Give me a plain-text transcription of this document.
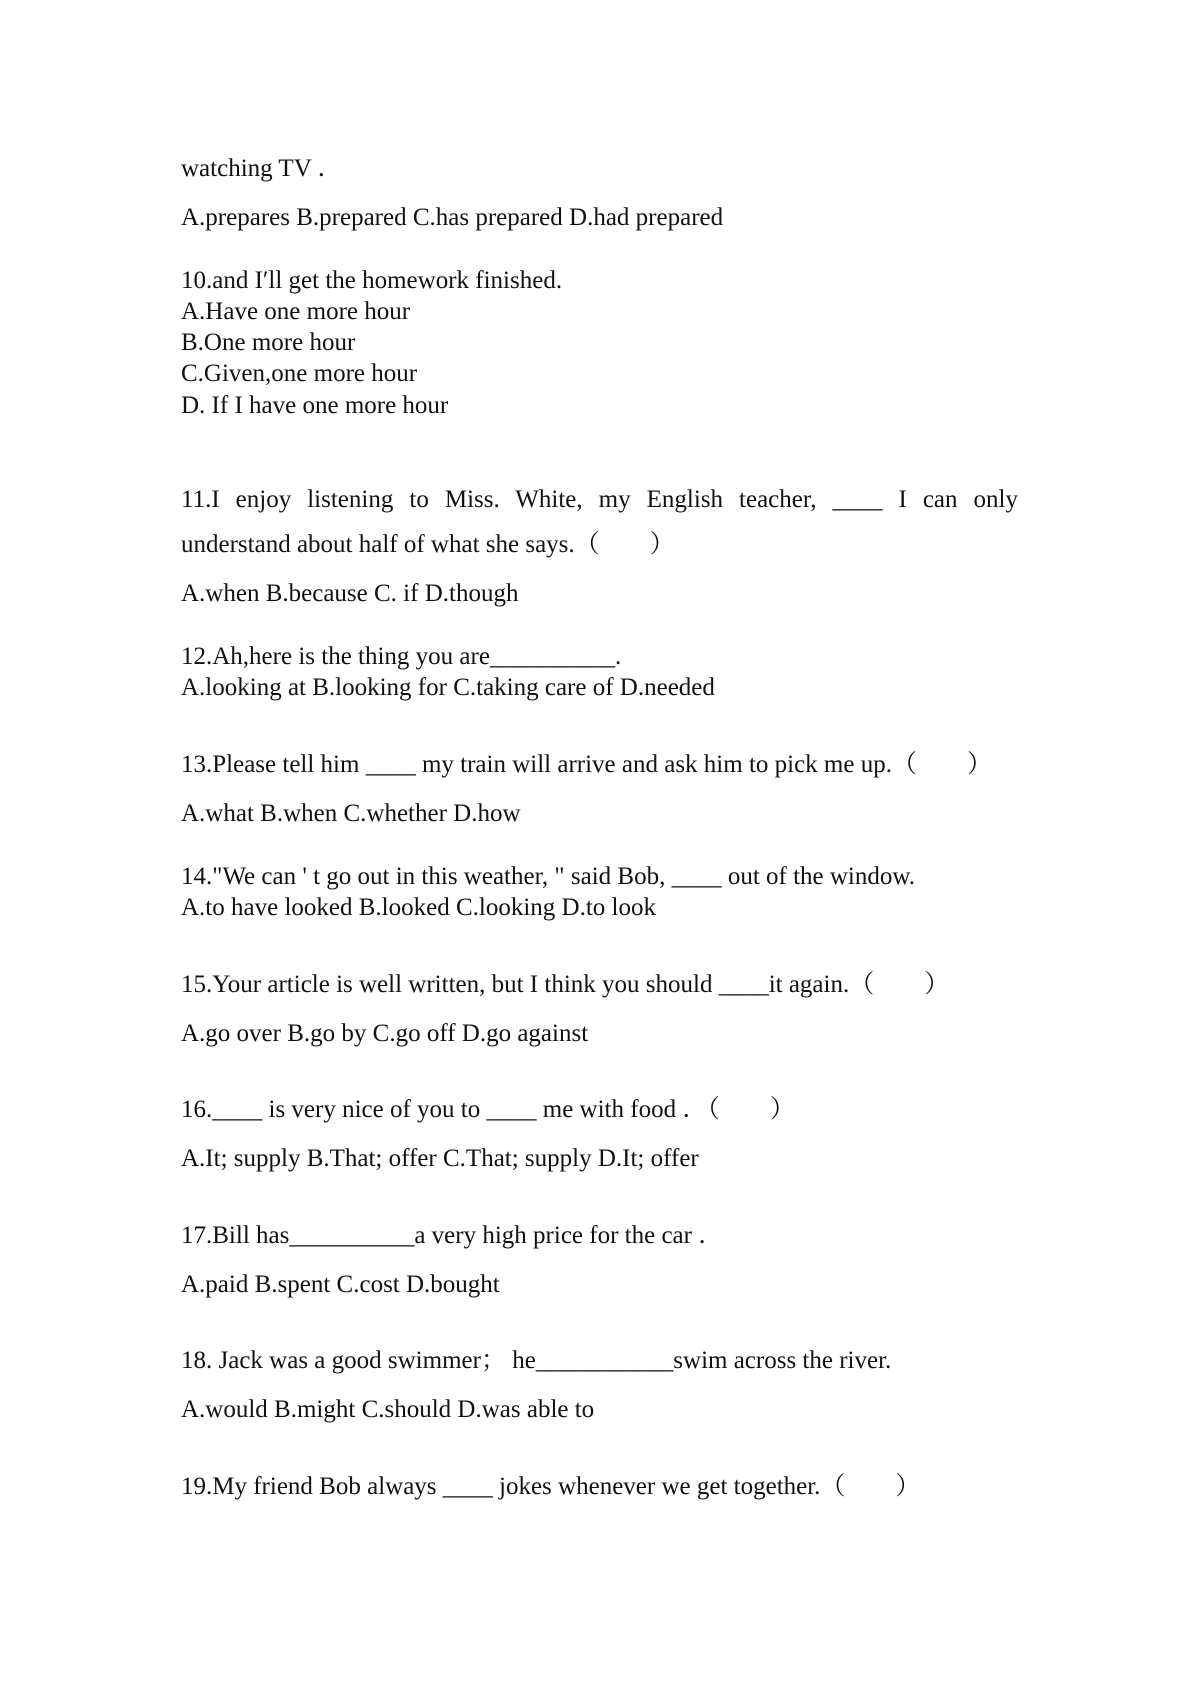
watching TV ．
A.prepares B.prepared C.has prepared D.had prepared
10.and I′ll get the homework finished.
A.Have one more hour
B.One more hour
C.Given,one more hour
D. If I have one more hour
11.I enjoy listening to Miss. White, my English teacher, ____ I can only
understand about half of what she says.（　　）
A.when B.because C. if D.though
12.Ah,here is the thing you are__________.
A.looking at B.looking for C.taking care of D.needed
13.Please tell him ____ my train will arrive and ask him to pick me up.（　　）
A.what B.when C.whether D.how
14."We can ' t go out in this weather, " said Bob, ____ out of the window.
A.to have looked B.looked C.looking D.to look
15.Your article is well written, but I think you should ____it again.（　　）
A.go over B.go by C.go off D.go against
16.____ is very nice of you to ____ me with food ．（　　）
A.It; supply B.That; offer C.That; supply D.It; offer
17.Bill has__________a very high price for the car ．
A.paid B.spent C.cost D.bought
18. Jack was a good swimmer； he___________swim across the river.
A.would B.might C.should D.was able to
19.My friend Bob always ____ jokes whenever we get together.（　　）
